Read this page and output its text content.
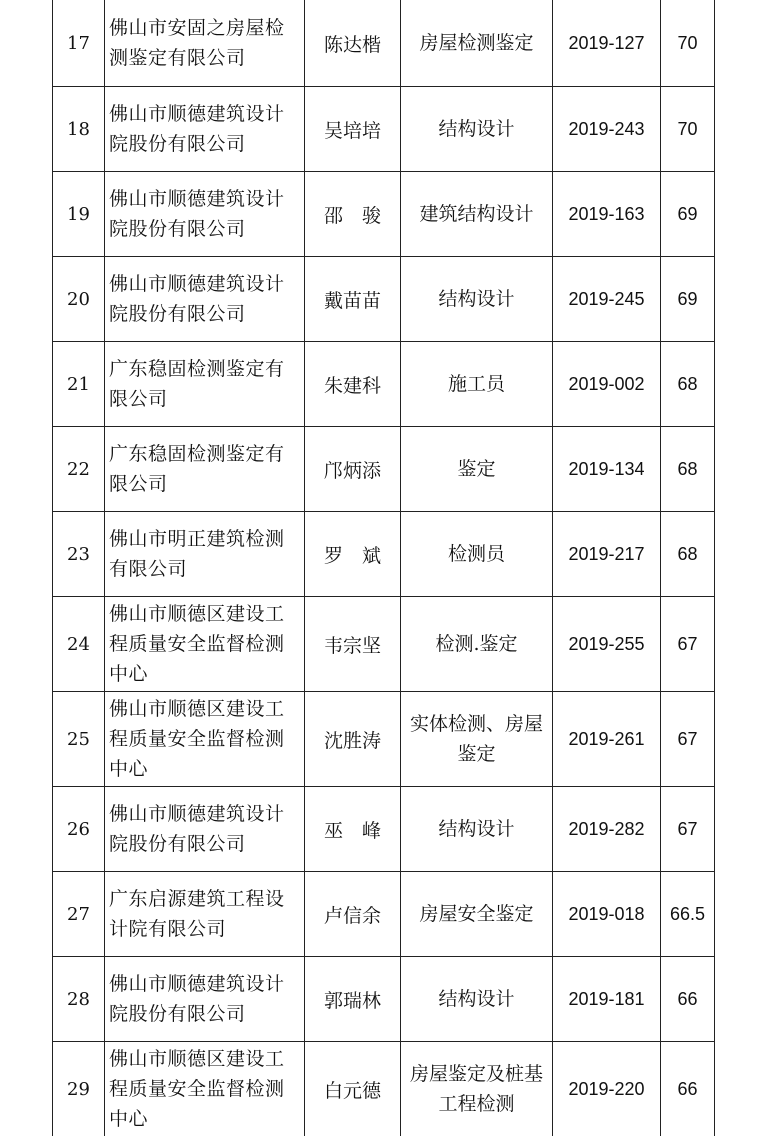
17	佛山市安固之房屋检测鉴定有限公司	陈达楷	房屋检测鉴定	2019-127	70
18	佛山市顺德建筑设计院股份有限公司	吴培培	结构设计	2019-243	70
19	佛山市顺德建筑设计院股份有限公司	邵　骏	建筑结构设计	2019-163	69
20	佛山市顺德建筑设计院股份有限公司	戴苗苗	结构设计	2019-245	69
21	广东稳固检测鉴定有限公司	朱建科	施工员	2019-002	68
22	广东稳固检测鉴定有限公司	邝炳添	鉴定	2019-134	68
23	佛山市明正建筑检测有限公司	罗　斌	检测员	2019-217	68
24	佛山市顺德区建设工程质量安全监督检测中心	韦宗坚	检测.鉴定	2019-255	67
25	佛山市顺德区建设工程质量安全监督检测中心	沈胜涛	实体检测、房屋鉴定	2019-261	67
26	佛山市顺德建筑设计院股份有限公司	巫　峰	结构设计	2019-282	67
27	广东启源建筑工程设计院有限公司	卢信余	房屋安全鉴定	2019-018	66.5
28	佛山市顺德建筑设计院股份有限公司	郭瑞林	结构设计	2019-181	66
29	佛山市顺德区建设工程质量安全监督检测中心	白元德	房屋鉴定及桩基工程检测	2019-220	66
